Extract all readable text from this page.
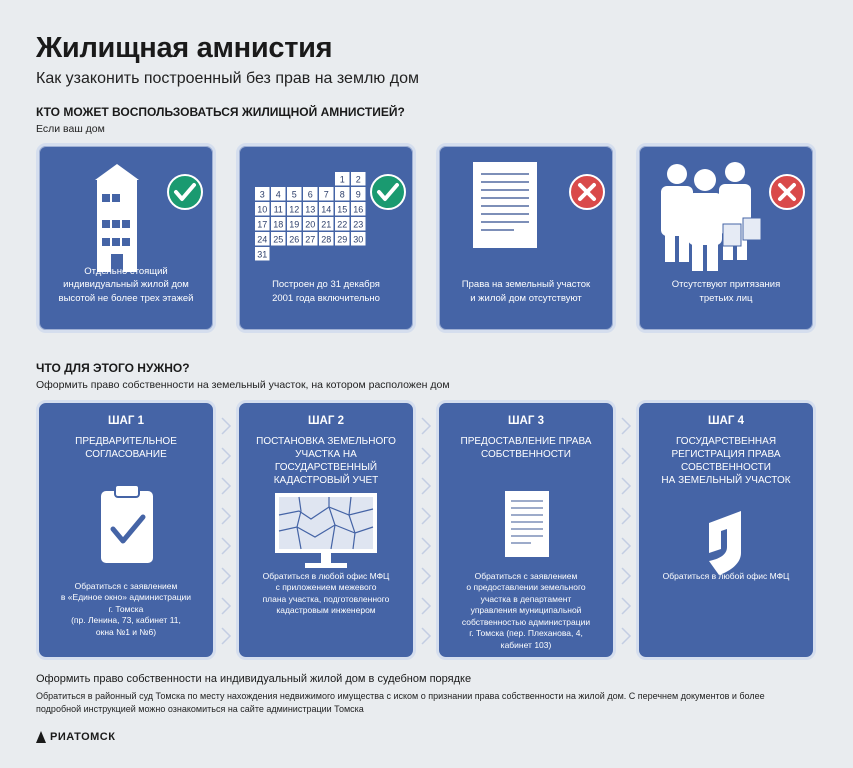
Жилищная амнистия
Как узаконить построенный без прав на землю дом
КТО МОЖЕТ ВОСПОЛЬЗОВАТЬСЯ ЖИЛИЩНОЙ АМНИСТИЕЙ?
Если ваш дом
Отдельно стоящий
индивидуальный жилой дом
высотой не более трех этажей
1 2
3 4 5 6 7 8 9
10 11 12 13 14 15 16
17 18 19 20 21 22 23
24 25 26 27 28 29 30
31
Построен до 31 декабря
2001 года включительно
Права на земельный участок
и жилой дом отсутствуют
Отсутствуют притязания
третьих лиц
ЧТО ДЛЯ ЭТОГО НУЖНО?
Оформить право собственности на земельный участок, на котором расположен дом
ШАГ 1
ПРЕДВАРИТЕЛЬНОЕ
СОГЛАСОВАНИЕ
Обратиться с заявлением
в «Единое окно» администрации
г. Томска
(пр. Ленина, 73, кабинет 11,
окна №1 и №6)
ШАГ 2
ПОСТАНОВКА ЗЕМЕЛЬНОГО
УЧАСТКА НА ГОСУДАРСТВЕННЫЙ
КАДАСТРОВЫЙ УЧЕТ
Обратиться в любой офис МФЦ
с приложением межевого
плана участка, подготовленного
кадастровым инженером
ШАГ 3
ПРЕДОСТАВЛЕНИЕ ПРАВА
СОБСТВЕННОСТИ
Обратиться с заявлением
о предоставлении земельного
участка в департамент
управления муниципальной
собственностью администрации
г. Томска (пер. Плеханова, 4,
кабинет 103)
ШАГ 4
ГОСУДАРСТВЕННАЯ
РЕГИСТРАЦИЯ ПРАВА
СОБСТВЕННОСТИ
НА ЗЕМЕЛЬНЫЙ УЧАСТОК
Обратиться в любой офис МФЦ
Оформить право собственности на индивидуальный жилой дом в судебном порядке
Обратиться в районный суд Томска по месту нахождения недвижимого имущества с иском о признании права собственности на жилой дом. С перечнем документов и более
подробной инструкцией можно ознакомиться на сайте администрации Томска
РИАТОМСК
